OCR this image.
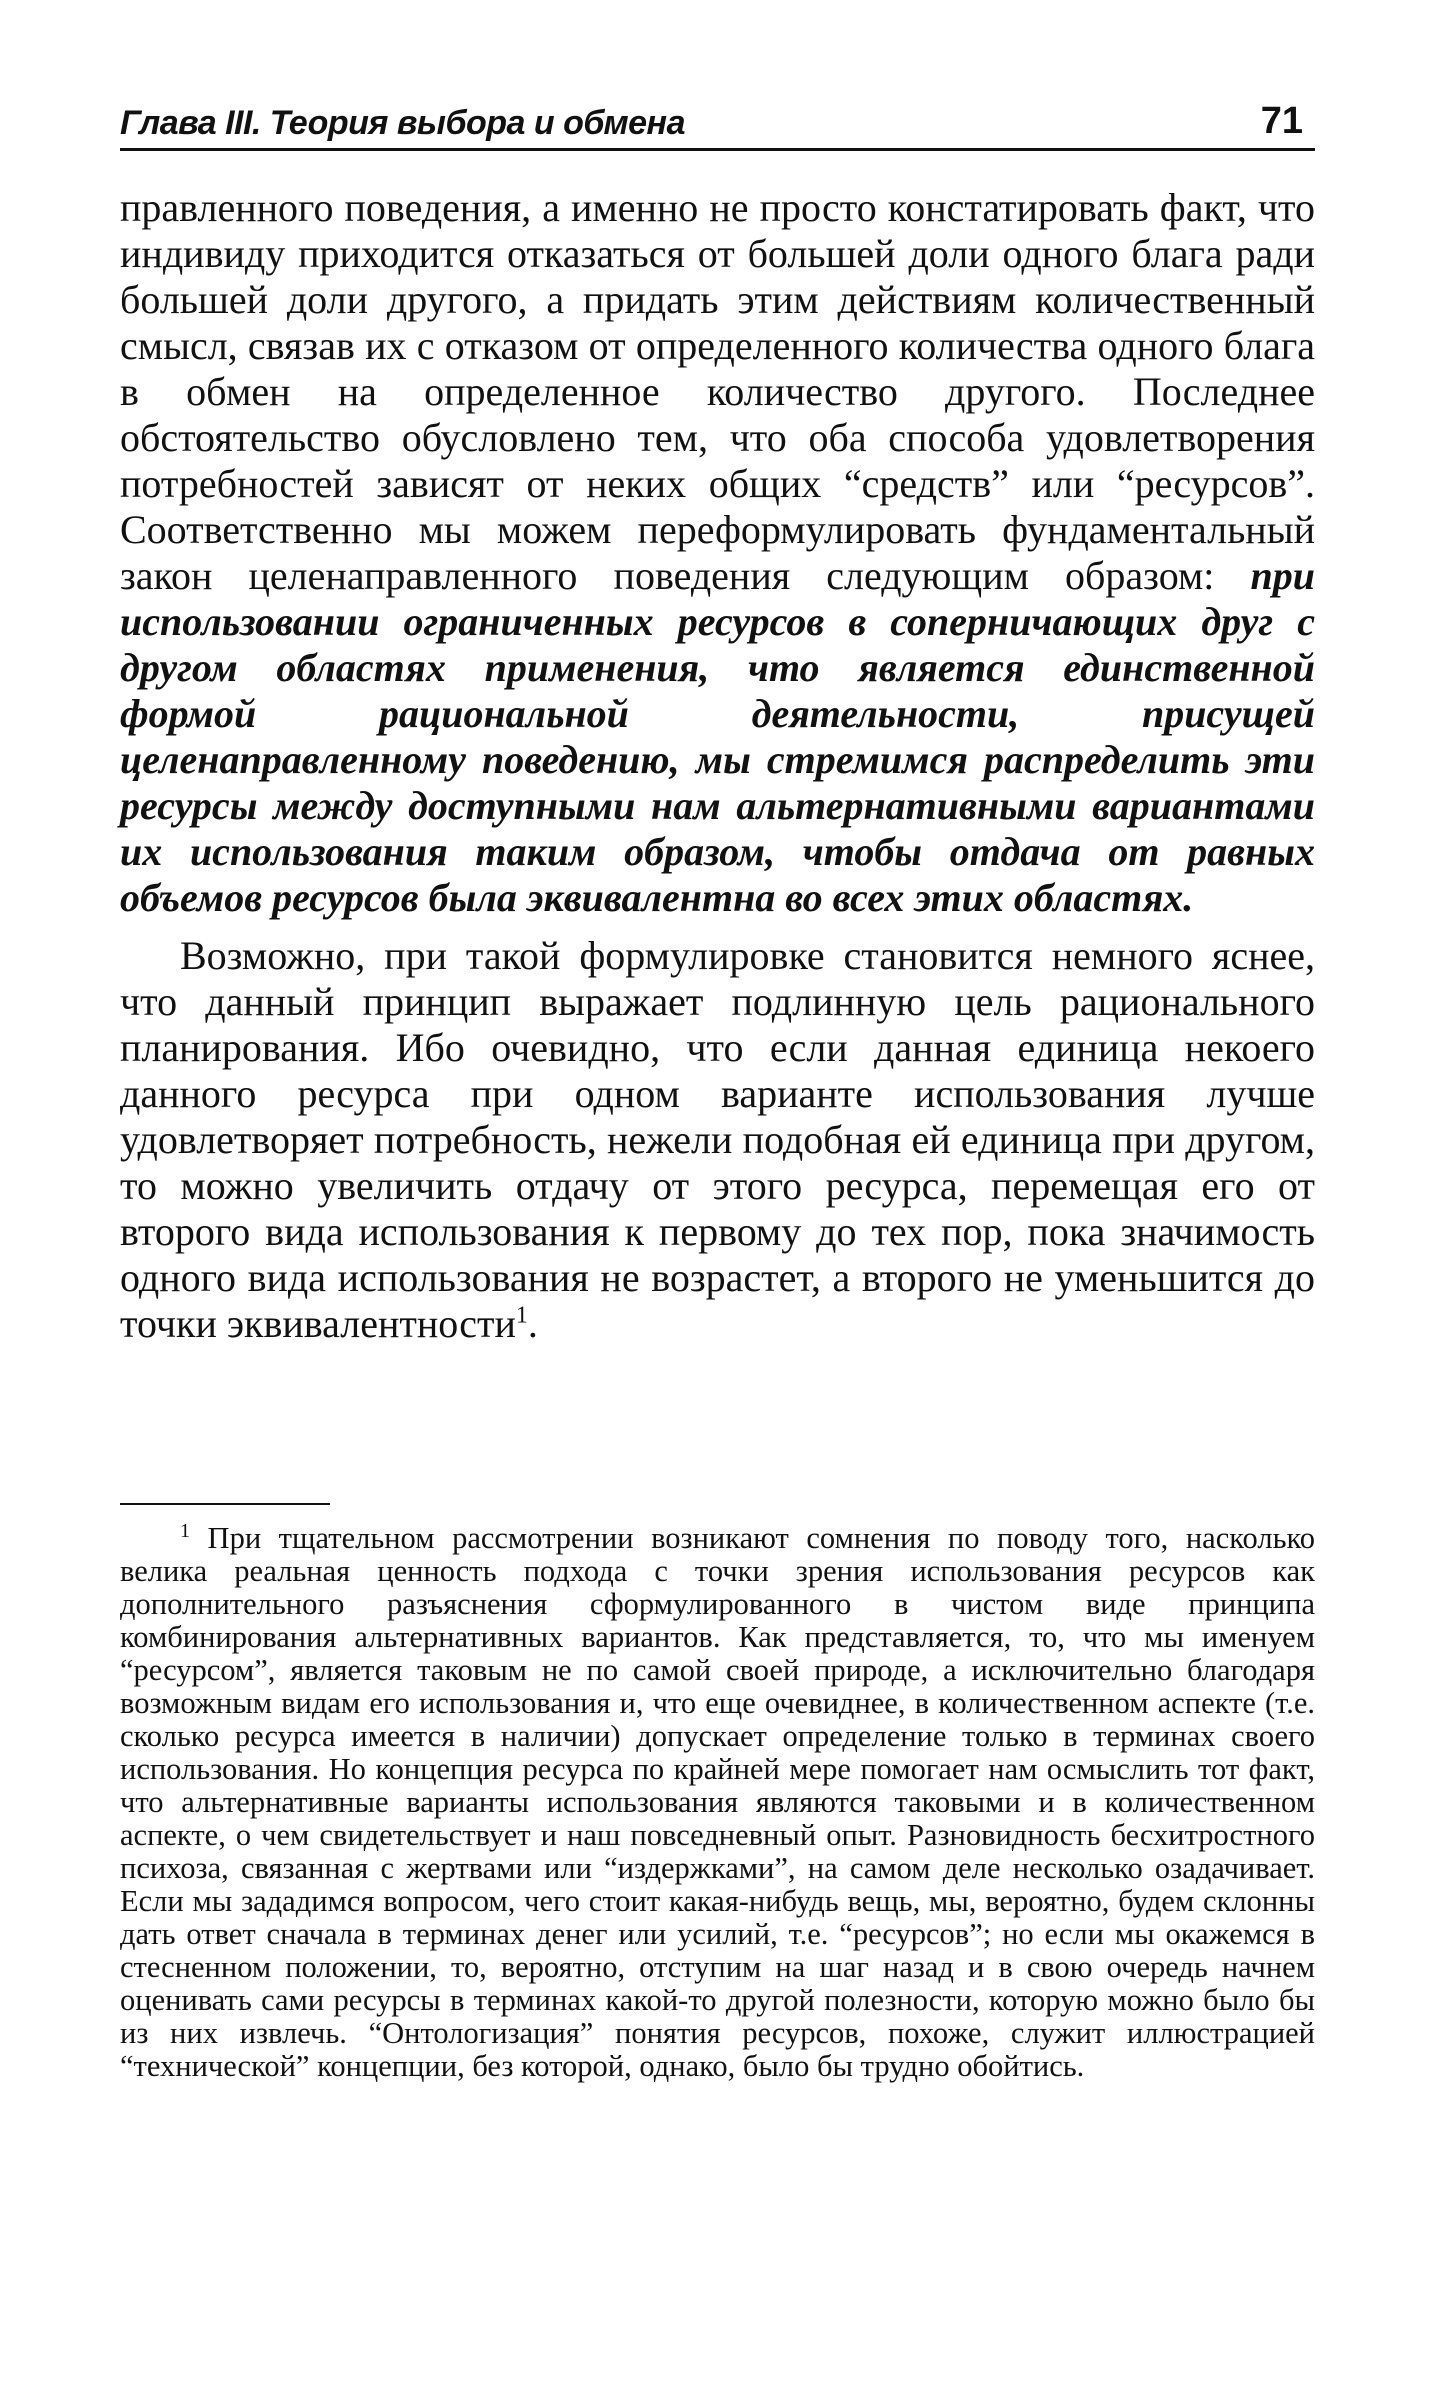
Глава III. Теория выбора и обмена	71

правленного поведения, а именно не просто констатировать факт, что индивиду приходится отказаться от большей доли одного блага ради большей доли другого, а придать этим действиям количественный смысл, связав их с отказом от определенного количества одного блага в обмен на определенное количество другого. Последнее обстоятельство обусловлено тем, что оба способа удовлетворения потребностей зависят от неких общих “средств” или “ресурсов”. Соответственно мы можем переформулировать фундаментальный закон целенаправленного поведения следующим образом: при использовании ограниченных ресурсов в соперничающих друг с другом областях применения, что является единственной формой рациональной деятельности, присущей целенаправленному поведению, мы стремимся распределить эти ресурсы между доступными нам альтернативными вариантами их использования таким образом, чтобы отдача от равных объемов ресурсов была эквивалентна во всех этих областях.

Возможно, при такой формулировке становится немного яснее, что данный принцип выражает подлинную цель рационального планирования. Ибо очевидно, что если данная единица некоего данного ресурса при одном варианте использования лучше удовлетворяет потребность, нежели подобная ей единица при другом, то можно увеличить отдачу от этого ресурса, перемещая его от второго вида использования к первому до тех пор, пока значимость одного вида использования не возрастет, а второго не уменьшится до точки эквивалентности$^1$.

$^1$ При тщательном рассмотрении возникают сомнения по поводу того, насколько велика реальная ценность подхода с точки зрения использования ресурсов как дополнительного разъяснения сформулированного в чистом виде принципа комбинирования альтернативных вариантов. Как представляется, то, что мы именуем “ресурсом”, является таковым не по самой своей природе, а исключительно благодаря возможным видам его использования и, что еще очевиднее, в количественном аспекте (т.е. сколько ресурса имеется в наличии) допускает определение только в терминах своего использования. Но концепция ресурса по крайней мере помогает нам осмыслить тот факт, что альтернативные варианты использования являются таковыми и в количественном аспекте, о чем свидетельствует и наш повседневный опыт. Разновидность бесхитростного психоза, связанная с жертвами или “издержками”, на самом деле несколько озадачивает. Если мы зададимся вопросом, чего стоит какая-нибудь вещь, мы, вероятно, будем склонны дать ответ сначала в терминах денег или усилий, т.е. “ресурсов”; но если мы окажемся в стесненном положении, то, вероятно, отступим на шаг назад и в свою очередь начнем оценивать сами ресурсы в терминах какой-то другой полезности, которую можно было бы из них извлечь. “Онтологизация” понятия ресурсов, похоже, служит иллюстрацией “технической” концепции, без которой, однако, было бы трудно обойтись.
